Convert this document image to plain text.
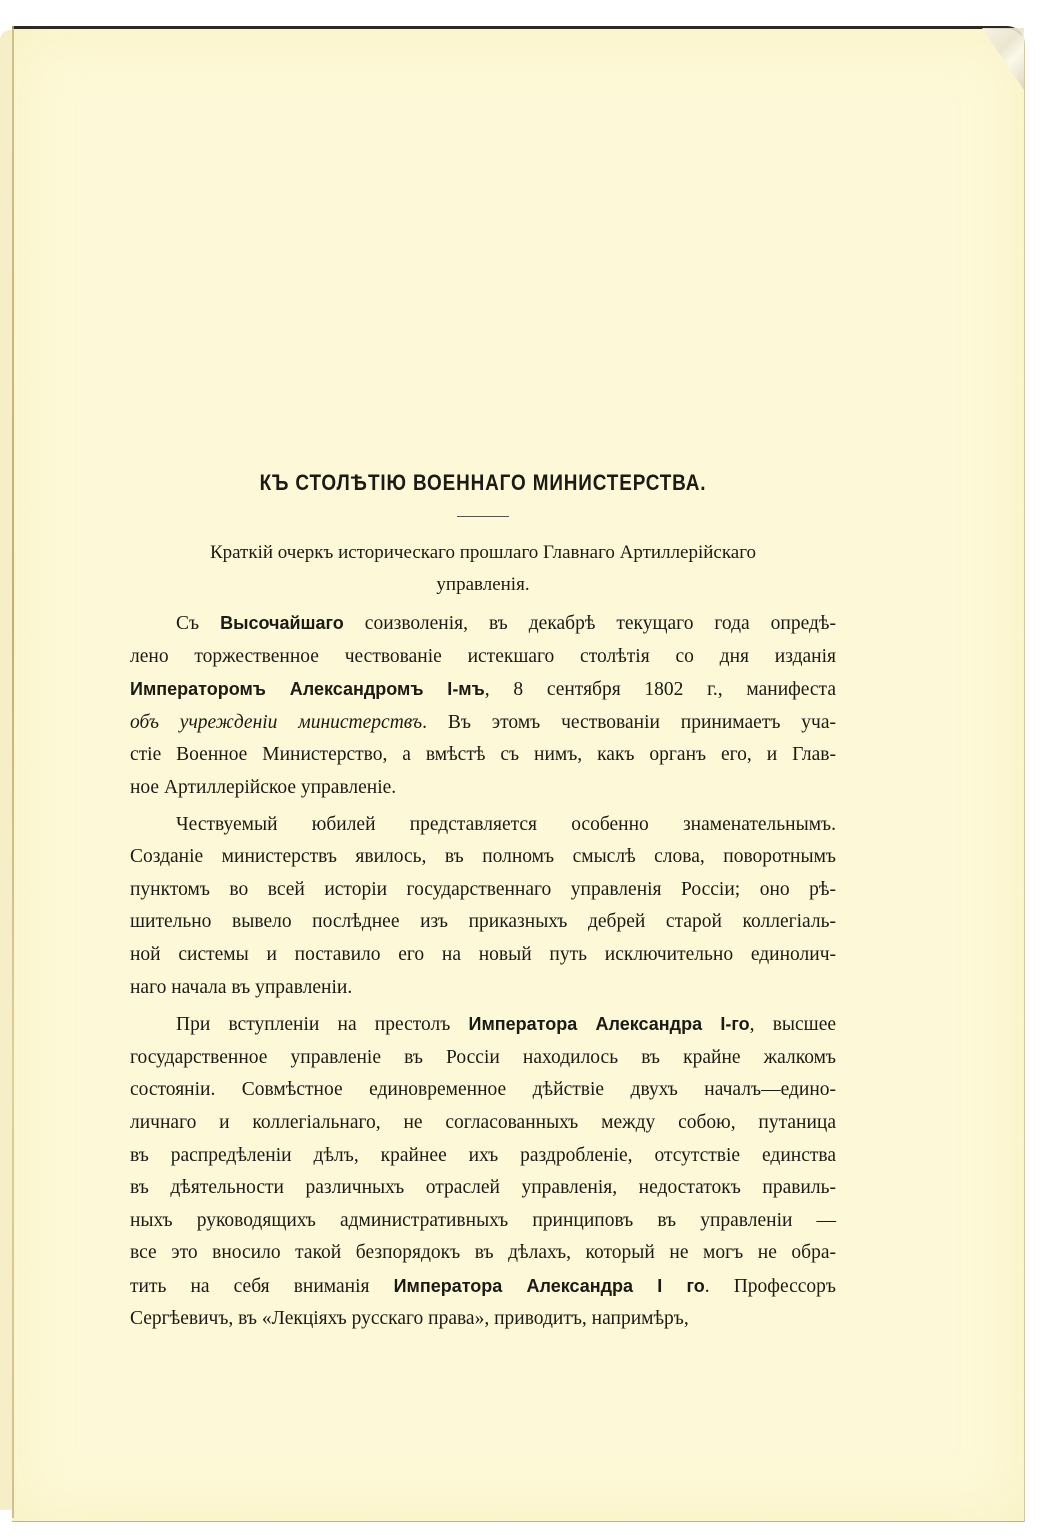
КЪ СТОЛѢТІЮ ВОЕННАГО МИНИСТЕРСТВА.
Краткій очеркъ историческаго прошлаго Главнаго Артиллерійскаго
управленія.
Съ Высочайшаго соизволенія, въ декабрѣ текущаго года опредѣ-
лено торжественное чествованіе истекшаго столѣтія со дня изданія
Императоромъ Александромъ I-мъ, 8 сентября 1802 г., манифеста
объ учрежденіи министерствъ. Въ этомъ чествованіи принимаетъ уча-
стіе Военное Министерство, а вмѣстѣ съ нимъ, какъ органъ его, и Глав-
ное Артиллерійское управленіе.
Чествуемый юбилей представляется особенно знаменательнымъ.
Созданіе министерствъ явилось, въ полномъ смыслѣ слова, поворотнымъ
пунктомъ во всей исторіи государственнаго управленія Россіи; оно рѣ-
шительно вывело послѣднее изъ приказныхъ дебрей старой коллегіаль-
ной системы и поставило его на новый путь исключительно единолич-
наго начала въ управленіи.
При вступленіи на престолъ Императора Александра I-го, высшее
государственное управленіе въ Россіи находилось въ крайне жалкомъ
состояніи. Совмѣстное единовременное дѣйствіе двухъ началъ—едино-
личнаго и коллегіальнаго, не согласованныхъ между собою, путаница
въ распредѣленіи дѣлъ, крайнее ихъ раздробленіе, отсутствіе единства
въ дѣятельности различныхъ отраслей управленія, недостатокъ правиль-
ныхъ руководящихъ административныхъ принциповъ въ управленіи —
все это вносило такой безпорядокъ въ дѣлахъ, который не могъ не обра-
тить на себя вниманія Императора Александра I го. Профессоръ
Сергѣевичъ, въ «Лекціяхъ русскаго права», приводитъ, напримѣръ,
